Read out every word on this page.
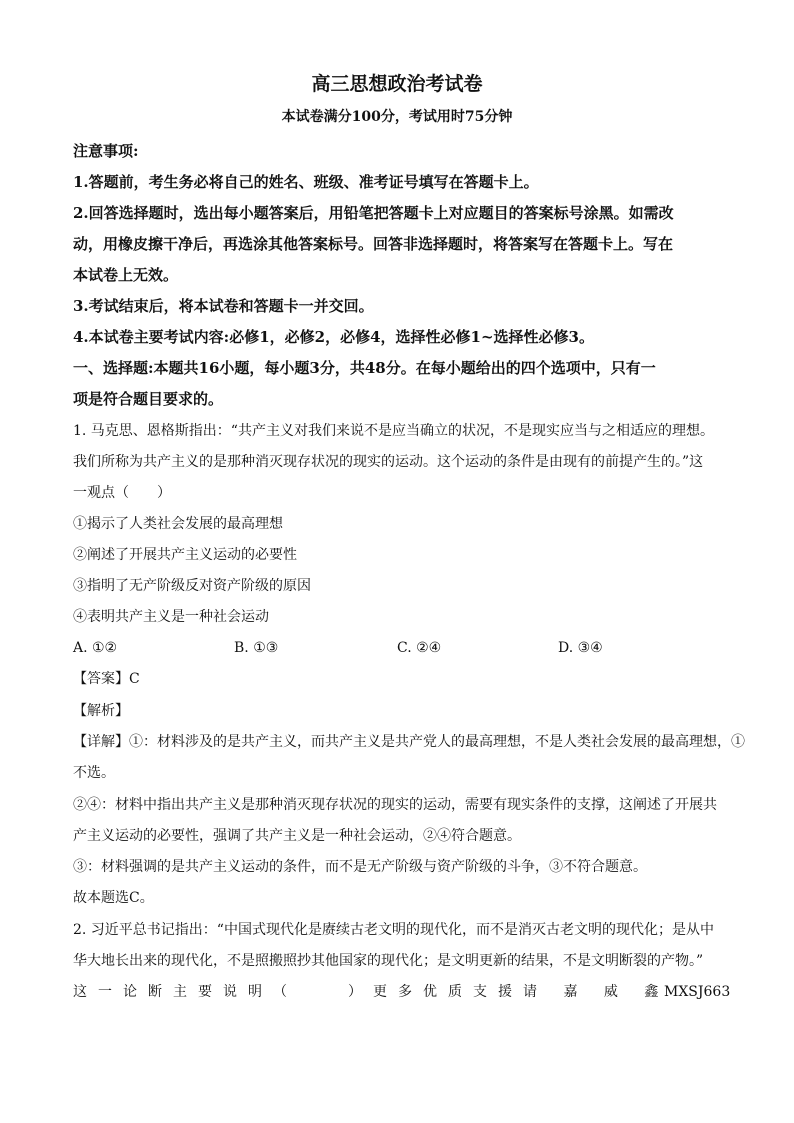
高三思想政治考试卷
本试卷满分100分，考试用时75分钟
注意事项:
1.答题前，考生务必将自己的姓名、班级、准考证号填写在答题卡上。
2.回答选择题时，选出每小题答案后，用铅笔把答题卡上对应题目的答案标号涂黑。如需改
动，用橡皮擦干净后，再选涂其他答案标号。回答非选择题时，将答案写在答题卡上。写在
本试卷上无效。
3.考试结束后，将本试卷和答题卡一并交回。
4.本试卷主要考试内容:必修1，必修2，必修4，选择性必修1~选择性必修3。
一、选择题:本题共16小题，每小题3分，共48分。在每小题给出的四个选项中，只有一
项是符合题目要求的。
1. 马克思、恩格斯指出：“共产主义对我们来说不是应当确立的状况，不是现实应当与之相适应的理想。
我们所称为共产主义的是那种消灭现存状况的现实的运动。这个运动的条件是由现有的前提产生的。”这
一观点（　　）
①揭示了人类社会发展的最高理想
②阐述了开展共产主义运动的必要性
③指明了无产阶级反对资产阶级的原因
④表明共产主义是一种社会运动
A. ①②	B. ①③	C. ②④	D. ③④
【答案】C
【解析】
【详解】①：材料涉及的是共产主义，而共产主义是共产党人的最高理想，不是人类社会发展的最高理想，①
不选。
②④：材料中指出共产主义是那种消灭现存状况的现实的运动，需要有现实条件的支撑，这阐述了开展共
产主义运动的必要性，强调了共产主义是一种社会运动，②④符合题意。
③：材料强调的是共产主义运动的条件，而不是无产阶级与资产阶级的斗争，③不符合题意。
故本题选C。
2. 习近平总书记指出：“中国式现代化是赓续古老文明的现代化，而不是消灭古老文明的现代化；是从中
华大地长出来的现代化，不是照搬照抄其他国家的现代化；是文明更新的结果，不是文明断裂的产物。”
这一论断主要说明（　　）更多优质支援请 嘉 威 鑫
MXSJ663
